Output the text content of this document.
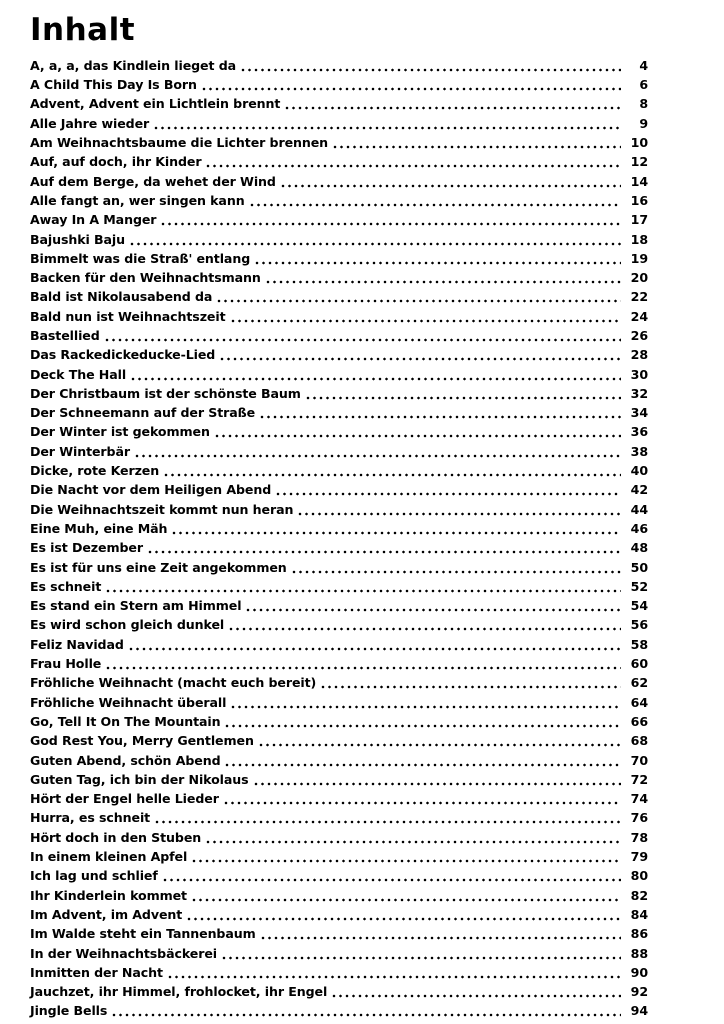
Inhalt
A, a, a, das Kindlein lieget da	4
A Child This Day Is Born	6
Advent, Advent ein Lichtlein brennt	8
Alle Jahre wieder	9
Am Weihnachtsbaume die Lichter brennen	10
Auf, auf doch, ihr Kinder	12
Auf dem Berge, da wehet der Wind	14
Alle fangt an, wer singen kann	16
Away In A Manger	17
Bajushki Baju	18
Bimmelt was die Straß' entlang	19
Backen für den Weihnachtsmann	20
Bald ist Nikolausabend da	22
Bald nun ist Weihnachtszeit	24
Bastellied	26
Das Rackedickeducke-Lied	28
Deck The Hall	30
Der Christbaum ist der schönste Baum	32
Der Schneemann auf der Straße	34
Der Winter ist gekommen	36
Der Winterbär	38
Dicke, rote Kerzen	40
Die Nacht vor dem Heiligen Abend	42
Die Weihnachtszeit kommt nun heran	44
Eine Muh, eine Mäh	46
Es ist Dezember	48
Es ist für uns eine Zeit angekommen	50
Es schneit	52
Es stand ein Stern am Himmel	54
Es wird schon gleich dunkel	56
Feliz Navidad	58
Frau Holle	60
Fröhliche Weihnacht (macht euch bereit)	62
Fröhliche Weihnacht überall	64
Go, Tell It On The Mountain	66
God Rest You, Merry Gentlemen	68
Guten Abend, schön Abend	70
Guten Tag, ich bin der Nikolaus	72
Hört der Engel helle Lieder	74
Hurra, es schneit	76
Hört doch in den Stuben	78
In einem kleinen Apfel	79
Ich lag und schlief	80
Ihr Kinderlein kommet	82
Im Advent, im Advent	84
Im Walde steht ein Tannenbaum	86
In der Weihnachtsbäckerei	88
Inmitten der Nacht	90
Jauchzet, ihr Himmel, frohlocket, ihr Engel	92
Jingle Bells	94
